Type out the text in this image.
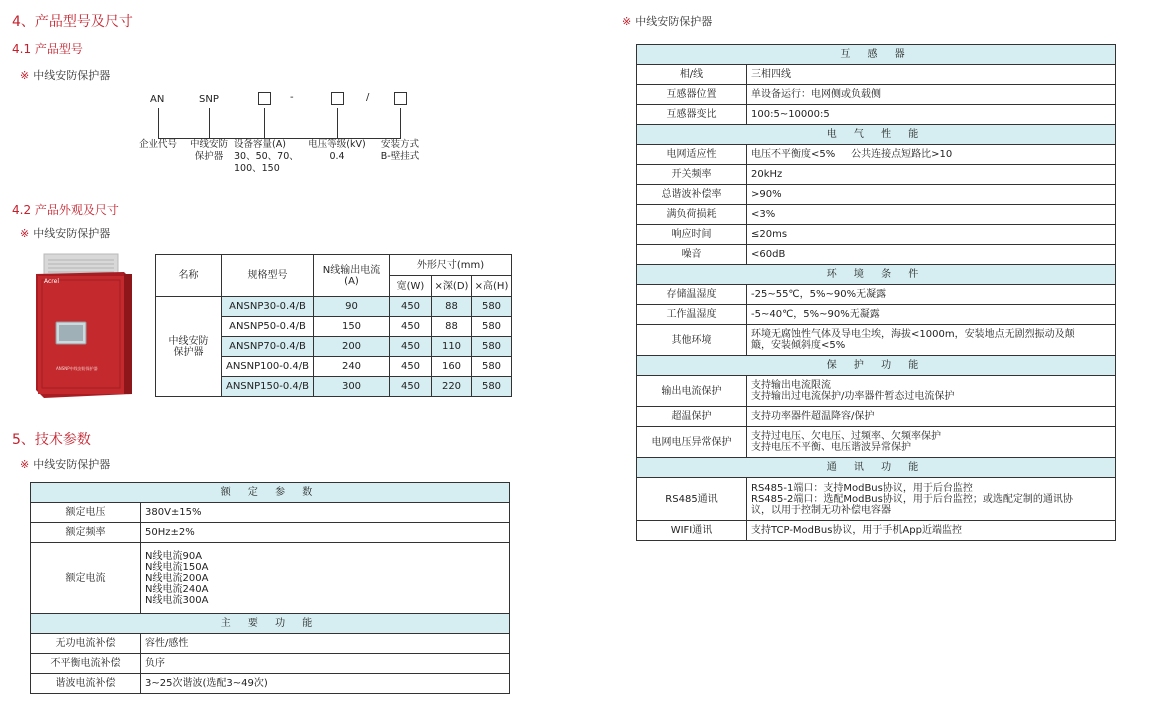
4、产品型号及尺寸
4.1 产品型号
※ 中线安防保护器
AN	SNP	-	/
企业代号	中线安防
保护器
设备容量(A)
30、50、70、
100、150
电压等级(kV)
0.4
安装方式
B-壁挂式
4.2 产品外观及尺寸
※ 中线安防保护器
Acrel
ANSNP中线安防保护器
名称	规格型号	N线输出电流
(A)	外形尺寸(mm)		
			宽(W)	×深(D)	×高(H)

中线安防
保护器	ANSNP30-0.4/B	90	450	88	580
	ANSNP50-0.4/B	150	450	88	580
	ANSNP70-0.4/B	200	450	110	580
	ANSNP100-0.4/B	240	450	160	580
	ANSNP150-0.4/B	300	450	220	580
5、技术参数
※ 中线安防保护器
额 定 参 数	
额定电压	380V±15%
额定频率	50Hz±2%
额定电流	N线电流90A
N线电流150A
N线电流200A
N线电流240A
N线电流300A

主 要 功 能	
无功电流补偿	容性/感性
不平衡电流补偿	负序
谐波电流补偿	3~25次谐波(选配3~49次)
※ 中线安防保护器
互 感 器	
相/线	三相四线
互感器位置	单设备运行：电网侧或负载侧
互感器变比	100:5~10000:5
电 气 性 能	
电网适应性	电压不平衡度<5%     公共连接点短路比>10
开关频率	20kHz
总谐波补偿率	>90%
满负荷损耗	<3%
响应时间	≤20ms
噪音	<60dB
环 境 条 件	
存储温湿度	-25~55℃，5%~90%无凝露
工作温湿度	-5~40℃，5%~90%无凝露
其他环境	环境无腐蚀性气体及导电尘埃，海拔<1000m，安装地点无剧烈振动及颠
簸，安装倾斜度<5%

保 护 功 能	
输出电流保护	支持输出电流限流
支持输出过电流保护/功率器件暂态过电流保护

超温保护	支持功率器件超温降容/保护
电网电压异常保护	支持过电压、欠电压、过频率、欠频率保护
支持电压不平衡、电压谐波异常保护

通 讯 功 能	
RS485通讯	RS485-1端口：支持ModBus协议，用于后台监控
RS485-2端口：选配ModBus协议，用于后台监控；或选配定制的通讯协
议，以用于控制无功补偿电容器

WIFI通讯	支持TCP-ModBus协议，用于手机App近端监控
